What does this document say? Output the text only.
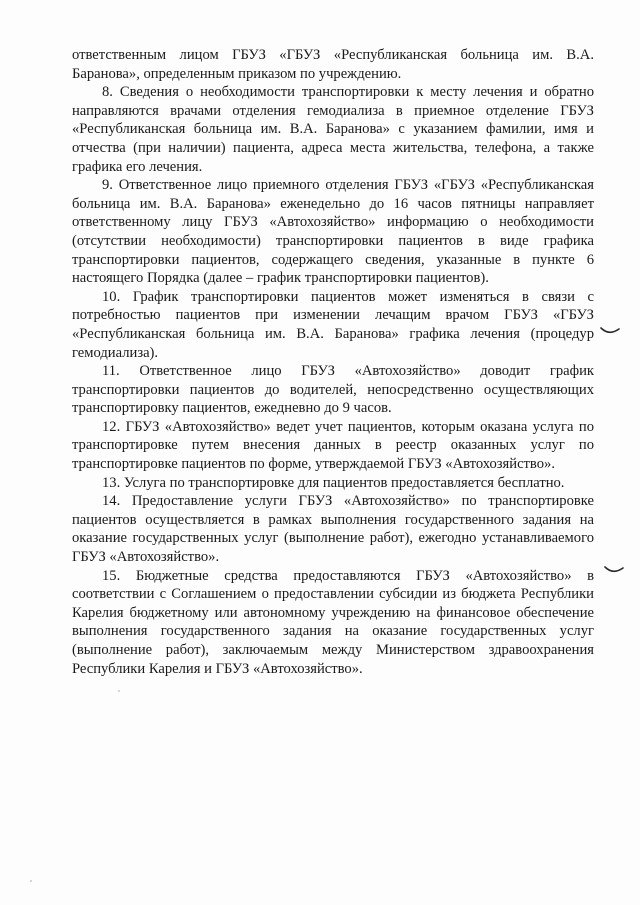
ответственным лицом ГБУЗ «ГБУЗ «Республиканская больница им. В.А. Баранова», определенным приказом по учреждению.

8. Сведения о необходимости транспортировки к месту лечения и обратно направляются врачами отделения гемодиализа в приемное отделение ГБУЗ «Республиканская больница им. В.А. Баранова» с указанием фамилии, имя и отчества (при наличии) пациента, адреса места жительства, телефона, а также графика его лечения.

9. Ответственное лицо приемного отделения ГБУЗ «ГБУЗ «Республиканская больница им. В.А. Баранова» еженедельно до 16 часов пятницы направляет ответственному лицу ГБУЗ «Автохозяйство» информацию о необходимости (отсутствии необходимости) транспортировки пациентов в виде графика транспортировки пациентов, содержащего сведения, указанные в пункте 6 настоящего Порядка (далее – график транспортировки пациентов).

10. График транспортировки пациентов может изменяться в связи с потребностью пациентов при изменении лечащим врачом ГБУЗ «ГБУЗ «Республиканская больница им. В.А. Баранова» графика лечения (процедур гемодиализа).

11. Ответственное лицо ГБУЗ «Автохозяйство» доводит график транспортировки пациентов до водителей, непосредственно осуществляющих транспортировку пациентов, ежедневно до 9 часов.

12. ГБУЗ «Автохозяйство» ведет учет пациентов, которым оказана услуга по транспортировке путем внесения данных в реестр оказанных услуг по транспортировке пациентов по форме, утверждаемой ГБУЗ «Автохозяйство».

13. Услуга по транспортировке для пациентов предоставляется бесплатно.

14. Предоставление услуги ГБУЗ «Автохозяйство» по транспортировке пациентов осуществляется в рамках выполнения государственного задания на оказание государственных услуг (выполнение работ), ежегодно устанавливаемого ГБУЗ «Автохозяйство».

15. Бюджетные средства предоставляются ГБУЗ «Автохозяйство» в соответствии с Соглашением о предоставлении субсидии из бюджета Республики Карелия бюджетному или автономному учреждению на финансовое обеспечение выполнения государственного задания на оказание государственных услуг (выполнение работ), заключаемым между Министерством здравоохранения Республики Карелия и ГБУЗ «Автохозяйство».
